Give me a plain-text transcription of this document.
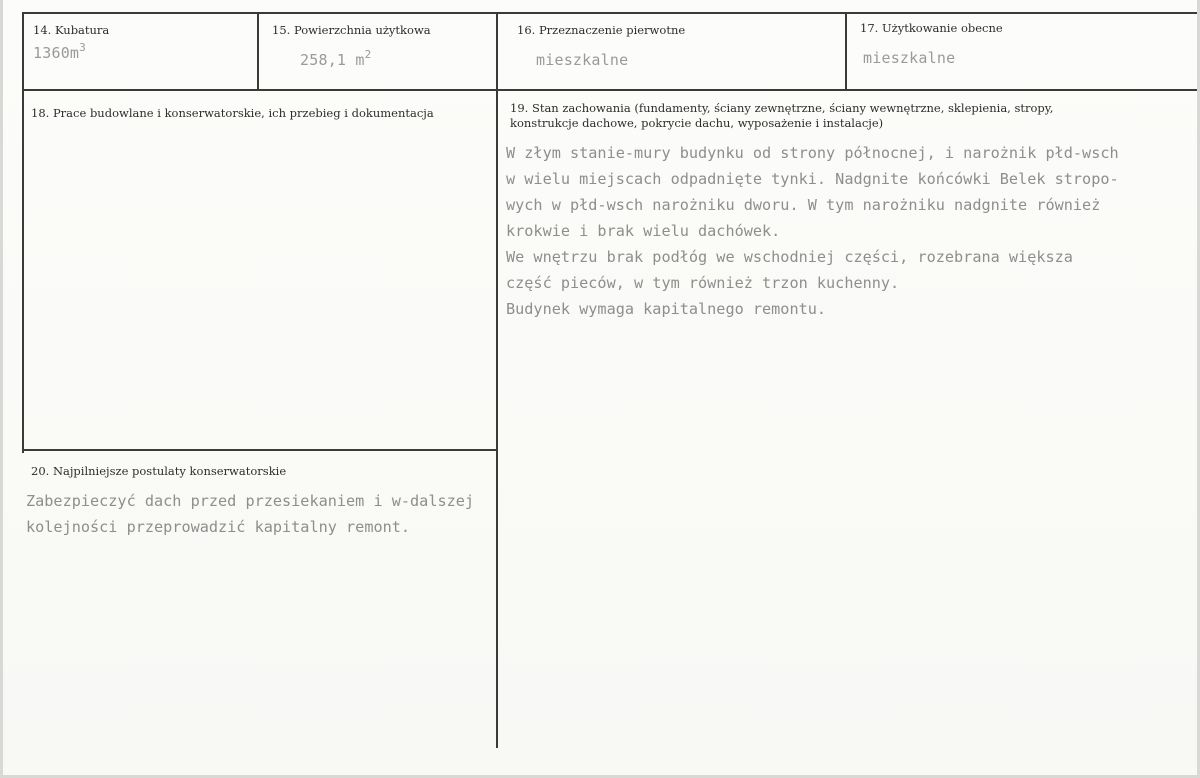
14. Kubatura
$1360m^3$
15. Powierzchnia użytkowa
258,1 $m^2$
16. Przeznaczenie pierwotne
mieszkalne
17. Użytkowanie obecne
mieszkalne
18. Prace budowlane i konserwatorskie, ich przebieg i dokumentacja	19. Stan zachowania (fundamenty, ściany zewnętrzne, ściany wewnętrzne, sklepienia, stropy,
konstrukcje dachowe, pokrycie dachu, wyposażenie i instalacje)
W złym stanie-mury budynku od strony północnej, i narożnik płd-wsch
w wielu miejscach odpadnięte tynki. Nadgnite końcówki Belek stropo-
wych w płd-wsch narożniku dworu. W tym narożniku nadgnite również
krokwie i brak wielu dachówek.
We wnętrzu brak podłóg we wschodniej części, rozebrana większa
część pieców, w tym również trzon kuchenny.
Budynek wymaga kapitalnego remontu.
20. Najpilniejsze postulaty konserwatorskie
Zabezpieczyć dach przed przesiekaniem i w-dalszej
kolejności przeprowadzić kapitalny remont.
